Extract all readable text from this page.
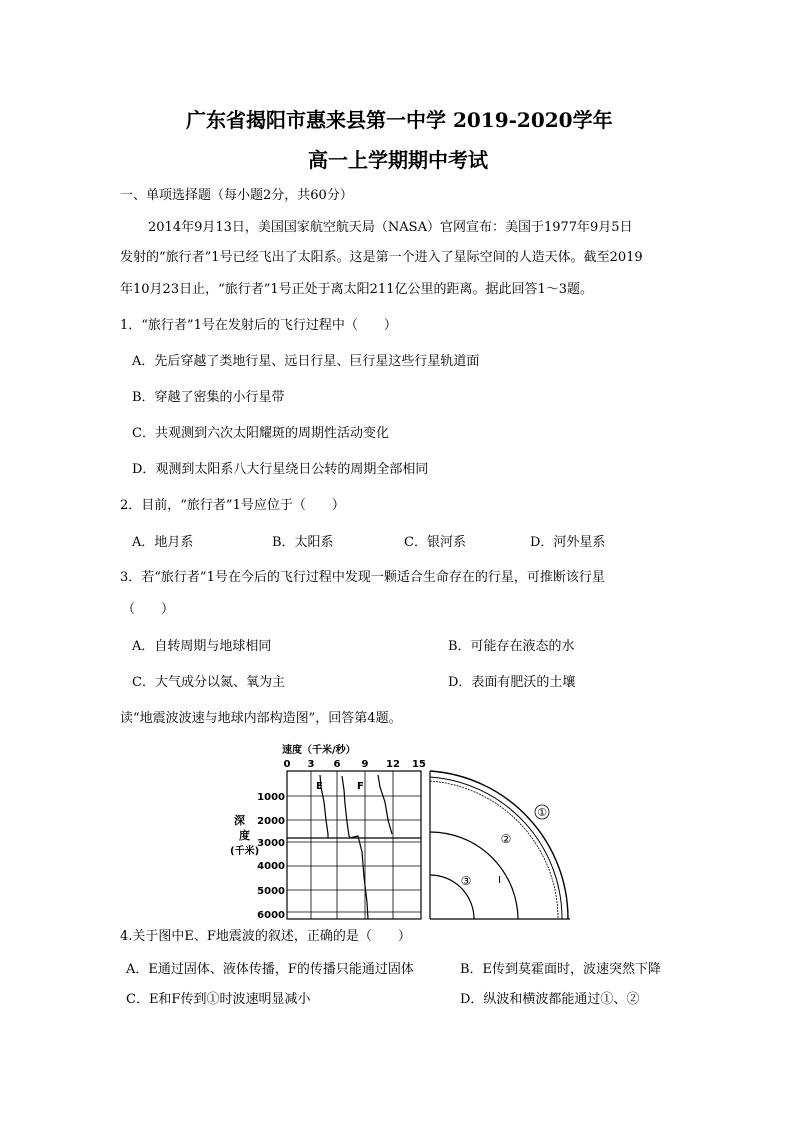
广东省揭阳市惠来县第一中学 2019-2020学年
高一上学期期中考试
一、单项选择题（每小题2分，共60分）
2014年9月13日，美国国家航空航天局（NASA）官网宣布：美国于1977年9月5日
发射的“旅行者”1号已经飞出了太阳系。这是第一个进入了星际空间的人造天体。截至2019
年10月23日止，“旅行者”1号正处于离太阳211亿公里的距离。据此回答1～3题。
1．“旅行者”1号在发射后的飞行过程中（　　）
A．先后穿越了类地行星、远日行星、巨行星这些行星轨道面
B．穿越了密集的小行星带
C．共观测到六次太阳耀斑的周期性活动变化
D．观测到太阳系八大行星绕日公转的周期全部相同
2．目前，“旅行者”1号应位于（　　）
A．地月系	B．太阳系	C．银河系	D．河外星系
3．若“旅行者”1号在今后的飞行过程中发现一颗适合生命存在的行星，可推断该行星
（　　）
A．自转周期与地球相同	B．可能存在液态的水
C．大气成分以氮、氧为主	D．表面有肥沃的土壤
读“地震波波速与地球内部构造图”，回答第4题。
速度（千米/秒）
0 3 6 9 12 15
深
度
(千米)
1000
2000
3000
4000
5000
6000
E	F
①
②
③	I
4.关于图中E、F地震波的叙述，正确的是（　　）
A．E通过固体、液体传播，F的传播只能通过固体	B．E传到莫霍面时，波速突然下降
C．E和F传到①时波速明显减小	D．纵波和横波都能通过①、②
